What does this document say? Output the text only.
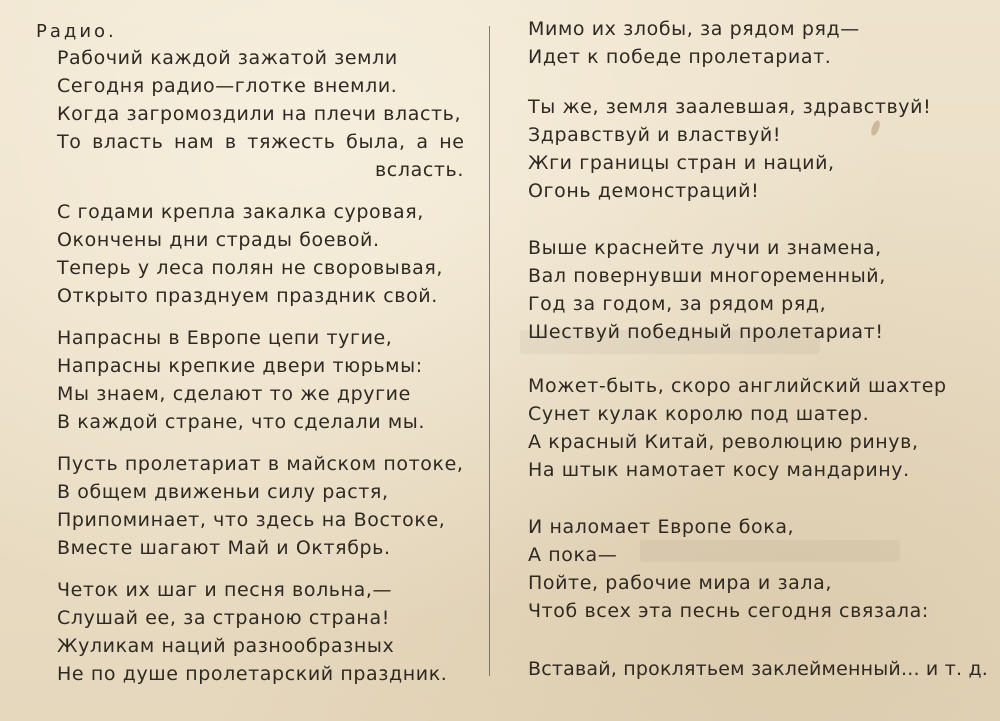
Радио.
Рабочий каждой зажатой земли
Сегодня радио—глотке внемли.
Когда загромоздили на плечи власть,
То власть нам в тяжесть была, а не
всласть.
С годами крепла закалка суровая,
Окончены дни страды боевой.
Теперь у леса полян не своровывая,
Открыто празднуем праздник свой.
Напрасны в Европе цепи тугие,
Напрасны крепкие двери тюрьмы:
Мы знаем, сделают то же другие
В каждой стране, что сделали мы.
Пусть пролетариат в майском потоке,
В общем движеньи силу растя,
Припоминает, что здесь на Востоке,
Вместе шагают Май и Октябрь.
Четок их шаг и песня вольна,—
Слушай ее, за страною страна!
Жуликам наций разнообразных
Не по душе пролетарский праздник.
Мимо их злобы, за рядом ряд—
Идет к победе пролетариат.
Ты же, земля заалевшая, здравствуй!
Здравствуй и властвуй!
Жги границы стран и наций,
Огонь демонстраций!
Выше краснейте лучи и знамена,
Вал повернувши многоременный,
Год за годом, за рядом ряд,
Шествуй победный пролетариат!
Может-быть, скоро английский шахтер
Сунет кулак королю под шатер.
А красный Китай, революцию ринув,
На штык намотает косу мандарину.
И наломает Европе бока,
А пока—
Пойте, рабочие мира и зала,
Чтоб всех эта песнь сегодня связала:
Вставай, проклятьем заклейменный... и т. д.
